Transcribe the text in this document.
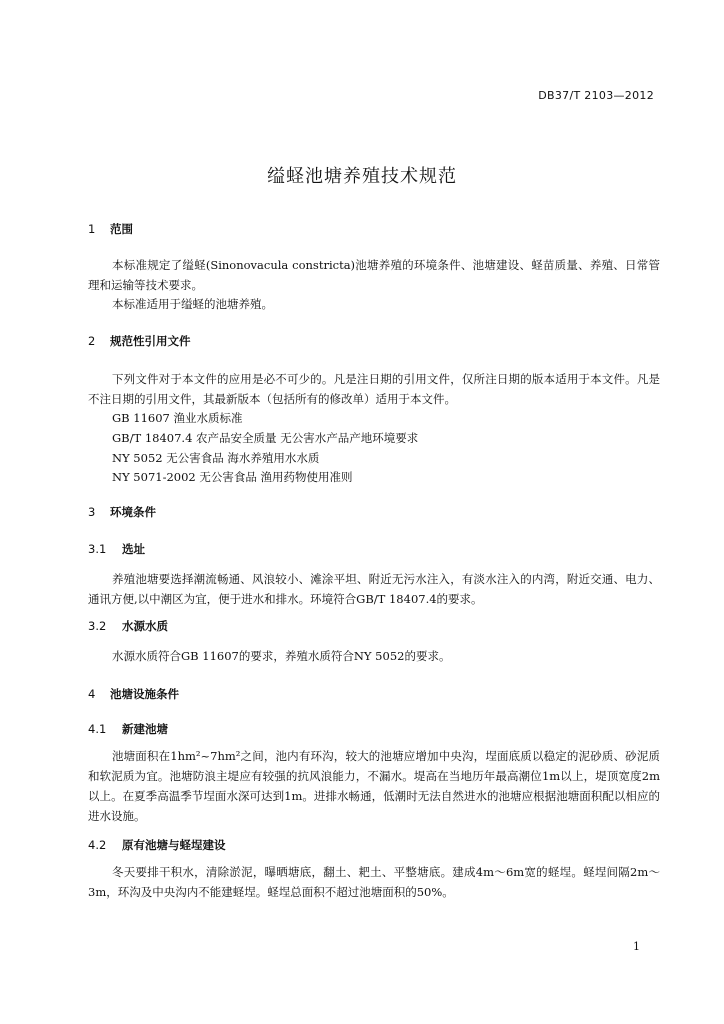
DB37/T 2103—2012
缢蛏池塘养殖技术规范
1 范围
本标准规定了缢蛏(Sinonovacula constricta)池塘养殖的环境条件、池塘建设、蛏苗质量、养殖、日常管理和运输等技术要求。
本标准适用于缢蛏的池塘养殖。
2 规范性引用文件
下列文件对于本文件的应用是必不可少的。凡是注日期的引用文件，仅所注日期的版本适用于本文件。凡是不注日期的引用文件，其最新版本（包括所有的修改单）适用于本文件。
GB 11607 渔业水质标准
GB/T 18407.4 农产品安全质量 无公害水产品产地环境要求
NY 5052 无公害食品 海水养殖用水水质
NY 5071-2002 无公害食品 渔用药物使用准则
3 环境条件
3.1 选址
养殖池塘要选择潮流畅通、风浪较小、滩涂平坦、附近无污水注入，有淡水注入的内湾，附近交通、电力、通讯方便,以中潮区为宜，便于进水和排水。环境符合GB/T 18407.4的要求。
3.2 水源水质
水源水质符合GB 11607的要求，养殖水质符合NY 5052的要求。
4 池塘设施条件
4.1 新建池塘
池塘面积在1hm²~7hm²之间，池内有环沟，较大的池塘应增加中央沟，埕面底质以稳定的泥砂质、砂泥质和软泥质为宜。池塘防浪主堤应有较强的抗风浪能力，不漏水。堤高在当地历年最高潮位1m以上，堤顶宽度2m以上。在夏季高温季节埕面水深可达到1m。进排水畅通，低潮时无法自然进水的池塘应根据池塘面积配以相应的进水设施。
4.2 原有池塘与蛏埕建设
冬天要排干积水，清除淤泥，曝晒塘底，翻土、耙土、平整塘底。建成4m～6m宽的蛏埕。蛏埕间隔2m～3m，环沟及中央沟内不能建蛏埕。蛏埕总面积不超过池塘面积的50%。
1
